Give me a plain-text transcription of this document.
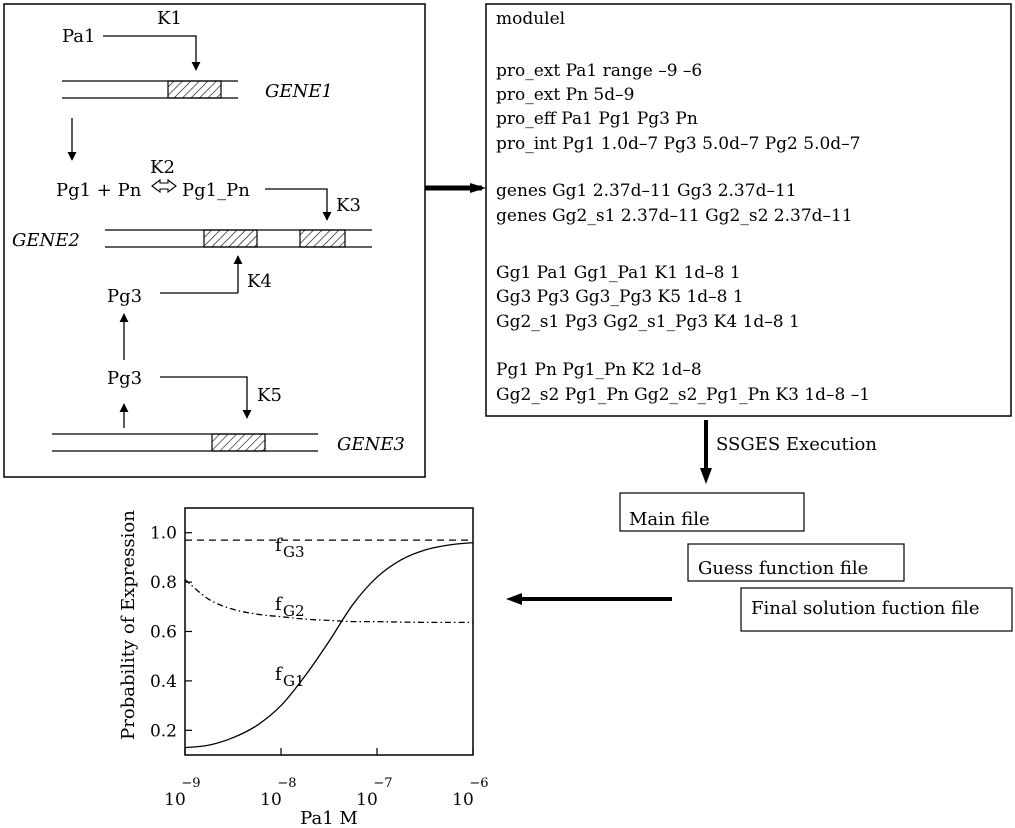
Pa1
K1
GENE1
Pg1 + Pn
K2
Pg1_Pn
K3
GENE2
K4
Pg3
Pg3
K5
GENE3
modulel
pro_ext Pa1 range –9 –6
pro_ext Pn 5d–9
pro_eff Pa1 Pg1 Pg3 Pn
pro_int Pg1 1.0d–7 Pg3 5.0d–7 Pg2 5.0d–7
genes Gg1 2.37d–11 Gg3 2.37d–11
genes Gg2_s1 2.37d–11 Gg2_s2 2.37d–11
Gg1 Pa1 Gg1_Pa1 K1 1d–8 1
Gg3 Pg3 Gg3_Pg3 K5 1d–8 1
Gg2_s1 Pg3 Gg2_s1_Pg3 K4 1d–8 1
Pg1 Pn Pg1_Pn K2 1d–8
Gg2_s2 Pg1_Pn Gg2_s2_Pg1_Pn K3 1d–8 –1
SSGES Execution
Main file
Guess function file
Final solution fuction file
0.2
0.4
0.6
0.8
1.0
10
−9
10
−8
10
−7
10
−6
f G3
f G2
f G1
Probability of Expression
Pa1 M
